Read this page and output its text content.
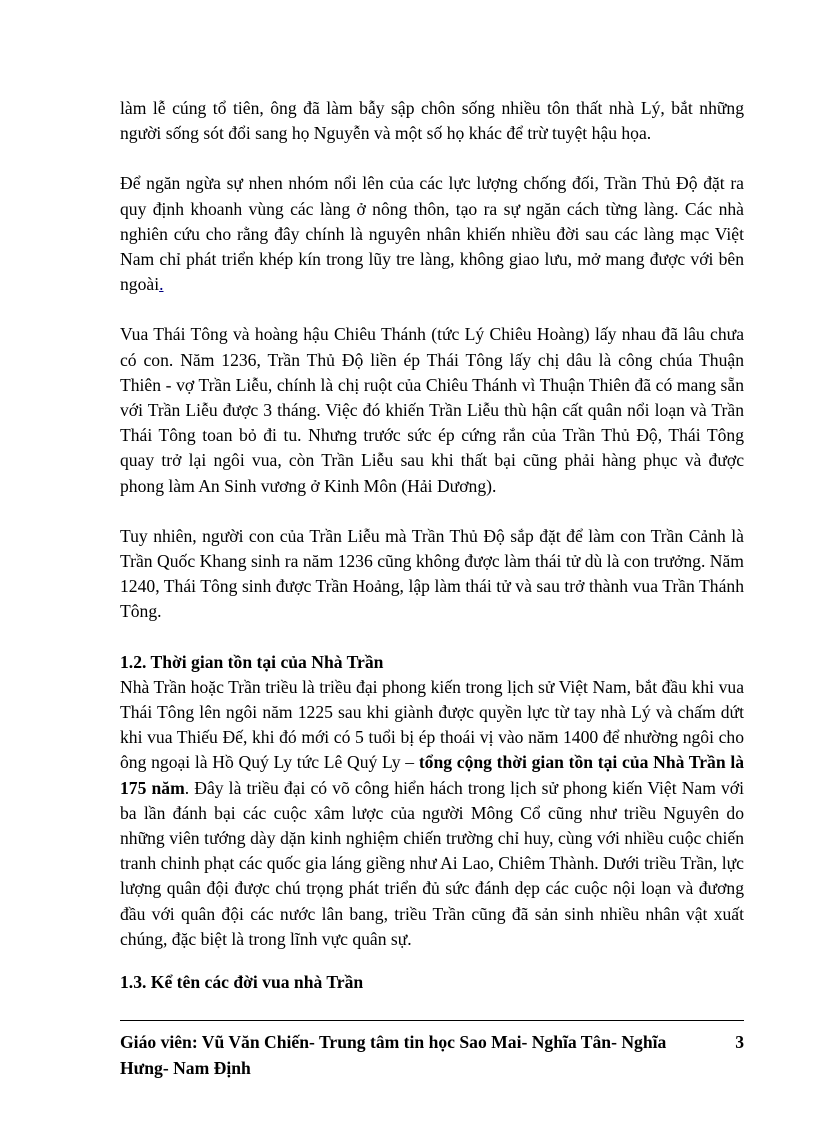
làm lễ cúng tổ tiên, ông đã làm bẫy sập chôn sống nhiều tôn thất nhà Lý, bắt những người sống sót đổi sang họ Nguyễn và một số họ khác để trừ tuyệt hậu họa.

Để ngăn ngừa sự nhen nhóm nổi lên của các lực lượng chống đối, Trần Thủ Độ đặt ra quy định khoanh vùng các làng ở nông thôn, tạo ra sự ngăn cách từng làng. Các nhà nghiên cứu cho rằng đây chính là nguyên nhân khiến nhiều đời sau các làng mạc Việt Nam chỉ phát triển khép kín trong lũy tre làng, không giao lưu, mở mang được với bên ngoài.

Vua Thái Tông và hoàng hậu Chiêu Thánh (tức Lý Chiêu Hoàng) lấy nhau đã lâu chưa có con. Năm 1236, Trần Thủ Độ liền ép Thái Tông lấy chị dâu là công chúa Thuận Thiên - vợ Trần Liễu, chính là chị ruột của Chiêu Thánh vì Thuận Thiên đã có mang sẵn với Trần Liễu được 3 tháng. Việc đó khiến Trần Liễu thù hận cất quân nổi loạn và Trần Thái Tông toan bỏ đi tu. Nhưng trước sức ép cứng rắn của Trần Thủ Độ, Thái Tông quay trở lại ngôi vua, còn Trần Liễu sau khi thất bại cũng phải hàng phục và được phong làm An Sinh vương ở Kinh Môn (Hải Dương).

Tuy nhiên, người con của Trần Liễu mà Trần Thủ Độ sắp đặt để làm con Trần Cảnh là Trần Quốc Khang sinh ra năm 1236 cũng không được làm thái tử dù là con trưởng. Năm 1240, Thái Tông sinh được Trần Hoảng, lập làm thái tử và sau trở thành vua Trần Thánh Tông.

1.2. Thời gian tồn tại của Nhà Trần

Nhà Trần hoặc Trần triều là triều đại phong kiến trong lịch sử Việt Nam, bắt đầu khi vua Thái Tông lên ngôi năm 1225 sau khi giành được quyền lực từ tay nhà Lý và chấm dứt khi vua Thiếu Đế, khi đó mới có 5 tuổi bị ép thoái vị vào năm 1400 để nhường ngôi cho ông ngoại là Hồ Quý Ly tức Lê Quý Ly – tổng cộng thời gian tồn tại của Nhà Trần là 175 năm. Đây là triều đại có võ công hiển hách trong lịch sử phong kiến Việt Nam với ba lần đánh bại các cuộc xâm lược của người Mông Cổ cũng như triều Nguyên do những viên tướng dày dặn kinh nghiệm chiến trường chỉ huy, cùng với nhiều cuộc chiến tranh chinh phạt các quốc gia láng giềng như Ai Lao, Chiêm Thành. Dưới triều Trần, lực lượng quân đội được chú trọng phát triển đủ sức đánh dẹp các cuộc nội loạn và đương đầu với quân đội các nước lân bang, triều Trần cũng đã sản sinh nhiều nhân vật xuất chúng, đặc biệt là trong lĩnh vực quân sự.

1.3. Kể tên các đời vua nhà Trần
Giáo viên: Vũ Văn Chiến- Trung tâm tin học Sao Mai- Nghĩa Tân- Nghĩa Hưng- Nam Định
3
